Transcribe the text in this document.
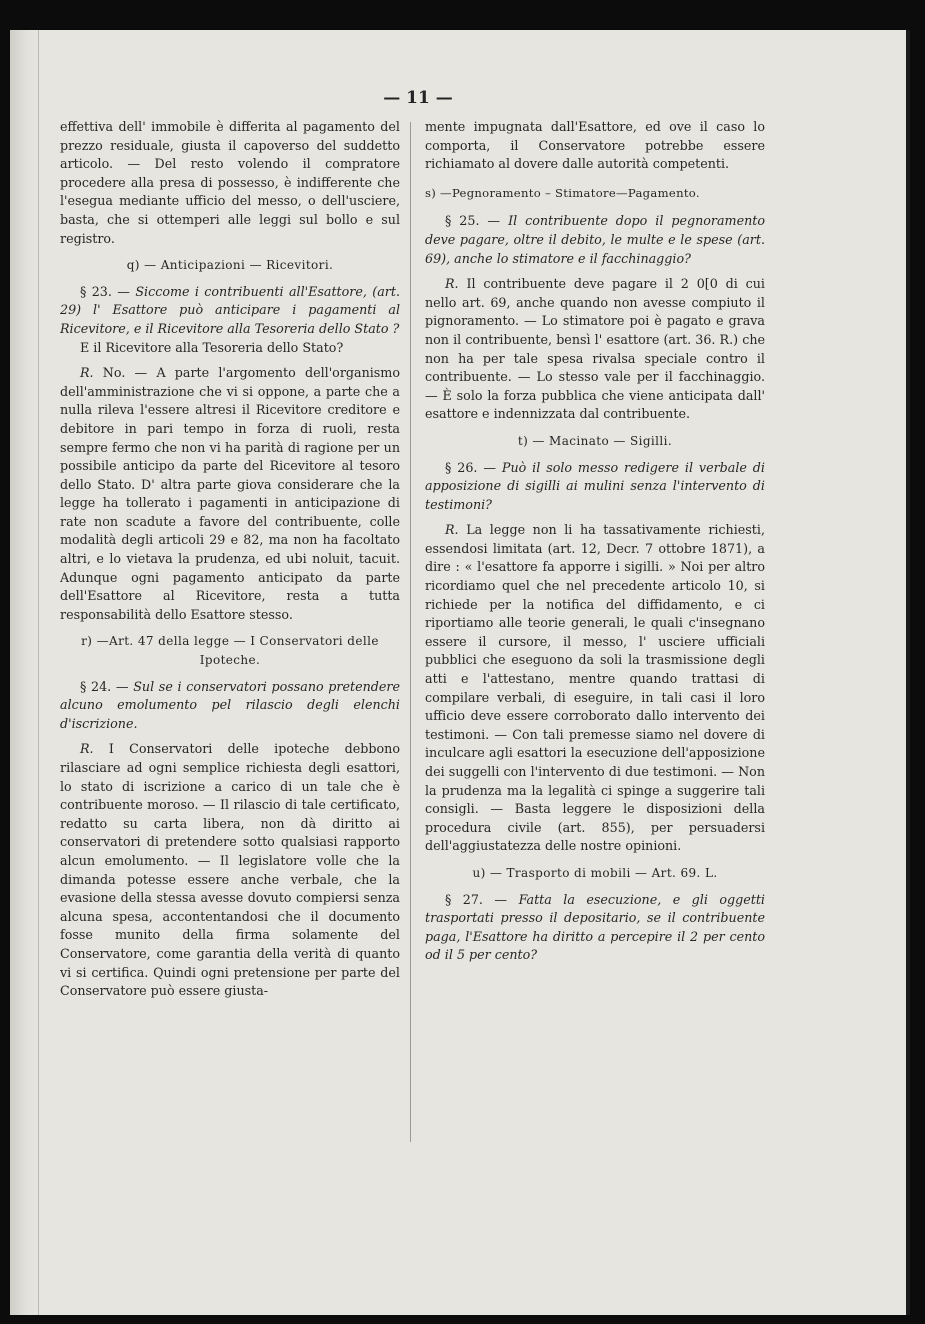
— 11 —

effettiva dell' immobile è differita al pagamento del prezzo residuale, giusta il capoverso del suddetto articolo. — Del resto volendo il compratore procedere alla presa di possesso, è indifferente che l'esegua mediante ufficio del messo, o dell'usciere, basta, che si ottemperi alle leggi sul bollo e sul registro.

q) — Anticipazioni — Ricevitori.

§ 23. — Siccome i contribuenti all'Esattore, (art. 29) l' Esattore può anticipare i pagamenti al Ricevitore, e il Ricevitore alla Tesoreria dello Stato ?

E il Ricevitore alla Tesoreria dello Stato?

R. No. — A parte l'argomento dell'organismo dell'amministrazione che vi si oppone, a parte che a nulla rileva l'essere altresi il Ricevitore creditore e debitore in pari tempo in forza di ruoli, resta sempre fermo che non vi ha parità di ragione per un possibile anticipo da parte del Ricevitore al tesoro dello Stato. D' altra parte giova considerare che la legge ha tollerato i pagamenti in anticipazione di rate non scadute a favore del contribuente, colle modalità degli articoli 29 e 82, ma non ha facoltato altri, e lo vietava la prudenza, ed ubi noluit, tacuit. Adunque ogni pagamento anticipato da parte dell'Esattore al Ricevitore, resta a tutta responsabilità dello Esattore stesso.

r) —Art. 47 della legge — I Conservatori delle Ipoteche.

§ 24. — Sul se i conservatori possano pretendere alcuno emolumento pel rilascio degli elenchi d'iscrizione.

R. I Conservatori delle ipoteche debbono rilasciare ad ogni semplice richiesta degli esattori, lo stato di iscrizione a carico di un tale che è contribuente moroso. — Il rilascio di tale certificato, redatto su carta libera, non dà diritto ai conservatori di pretendere sotto qualsiasi rapporto alcun emolumento. — Il legislatore volle che la dimanda potesse essere anche verbale, che la evasione della stessa avesse dovuto compiersi senza alcuna spesa, accontentandosi che il documento fosse munito della firma solamente del Conservatore, come garantia della verità di quanto vi si certifica. Quindi ogni pretensione per parte del Conservatore può essere giusta-

mente impugnata dall'Esattore, ed ove il caso lo comporta, il Conservatore potrebbe essere richiamato al dovere dalle autorità competenti.

s) —Pegnoramento – Stimatore—Pagamento.

§ 25. — Il contribuente dopo il pegnoramento deve pagare, oltre il debito, le multe e le spese (art. 69), anche lo stimatore e il facchinaggio?

R. Il contribuente deve pagare il 2 0[0 di cui nello art. 69, anche quando non avesse compiuto il pignoramento. — Lo stimatore poi è pagato e grava non il contribuente, bensì l' esattore (art. 36. R.) che non ha per tale spesa rivalsa speciale contro il contribuente. — Lo stesso vale per il facchinaggio. — È solo la forza pubblica che viene anticipata dall' esattore e indennizzata dal contribuente.

t) — Macinato — Sigilli.

§ 26. — Può il solo messo redigere il verbale di apposizione di sigilli ai mulini senza l'intervento di testimoni?

R. La legge non li ha tassativamente richiesti, essendosi limitata (art. 12, Decr. 7 ottobre 1871), a dire : « l'esattore fa apporre i sigilli. » Noi per altro ricordiamo quel che nel precedente articolo 10, si richiede per la notifica del diffidamento, e ci riportiamo alle teorie generali, le quali c'insegnano essere il cursore, il messo, l' usciere ufficiali pubblici che eseguono da soli la trasmissione degli atti e l'attestano, mentre quando trattasi di compilare verbali, di eseguire, in tali casi il loro ufficio deve essere corroborato dallo intervento dei testimoni. — Con tali premesse siamo nel dovere di inculcare agli esattori la esecuzione dell'apposizione dei suggelli con l'intervento di due testimoni. — Non la prudenza ma la legalità ci spinge a suggerire tali consigli. — Basta leggere le disposizioni della procedura civile (art. 855), per persuadersi dell'aggiustatezza delle nostre opinioni.

u) — Trasporto di mobili — Art. 69. L.

§ 27. — Fatta la esecuzione, e gli oggetti trasportati presso il depositario, se il contribuente paga, l'Esattore ha diritto a percepire il 2 per cento od il 5 per cento?
